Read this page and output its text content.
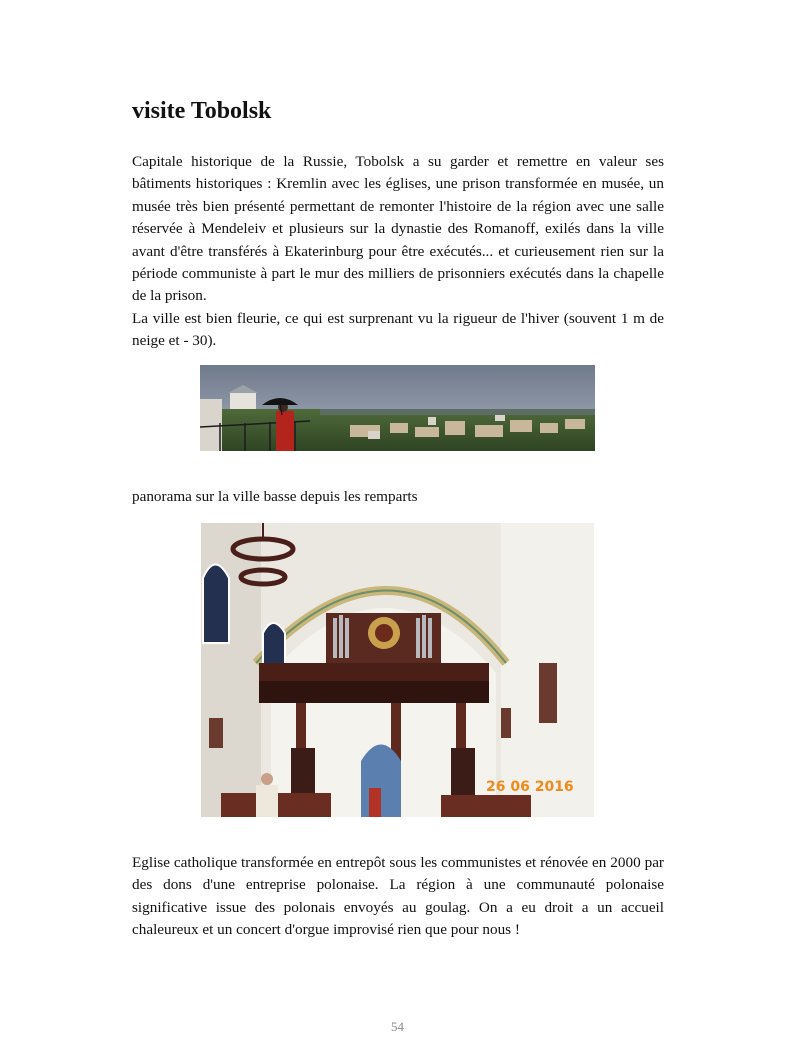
visite Tobolsk

Capitale historique de la Russie, Tobolsk a su garder et remettre en valeur ses bâtiments historiques : Kremlin avec les églises, une prison transformée en musée, un musée très bien présenté permettant de remonter l'histoire de la région avec une salle réservée à Mendeleiv et plusieurs sur la dynastie des Romanoff, exilés dans la ville avant d'être transférés à Ekaterinburg pour être exécutés... et curieusement rien sur la période communiste à part le mur des milliers de prisonniers exécutés dans la chapelle de la prison.

La ville est bien fleurie, ce qui est surprenant vu la rigueur de l'hiver (souvent 1 m de neige et - 30).

panorama sur la ville basse depuis les remparts

26 06 2016

Eglise catholique transformée en entrepôt sous les communistes et rénovée en 2000 par des dons d'une entreprise polonaise. La région à une communauté polonaise significative issue des polonais envoyés au goulag. On a eu droit a un accueil chaleureux et un concert d'orgue improvisé rien que pour nous !

54
